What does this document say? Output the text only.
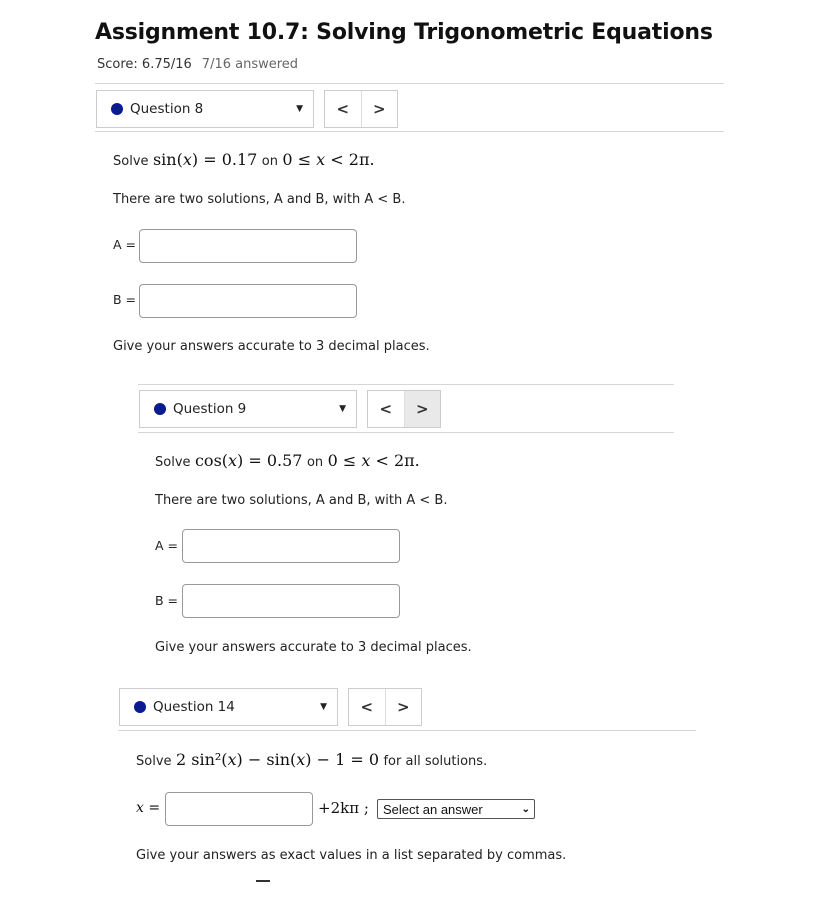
Assignment 10.7: Solving Trigonometric Equations
Score: 6.75/16 7/16 answered
Question 8	▼	<	>
Solve sin(𝑥) = 0.17 on 0 ≤ 𝑥 < 2π.
There are two solutions, A and B, with A < B.
A =
B =
Give your answers accurate to 3 decimal places.
Question 9	▼	<	>
Solve cos(𝑥) = 0.57 on 0 ≤ 𝑥 < 2π.
There are two solutions, A and B, with A < B.
A =
B =
Give your answers accurate to 3 decimal places.
Question 14	▼	<	>
Solve 2 sin²(𝑥) − sin(𝑥) − 1 = 0 for all solutions.
𝑥 =	+2kπ ; Select an answer	⌄
Give your answers as exact values in a list separated by commas.
